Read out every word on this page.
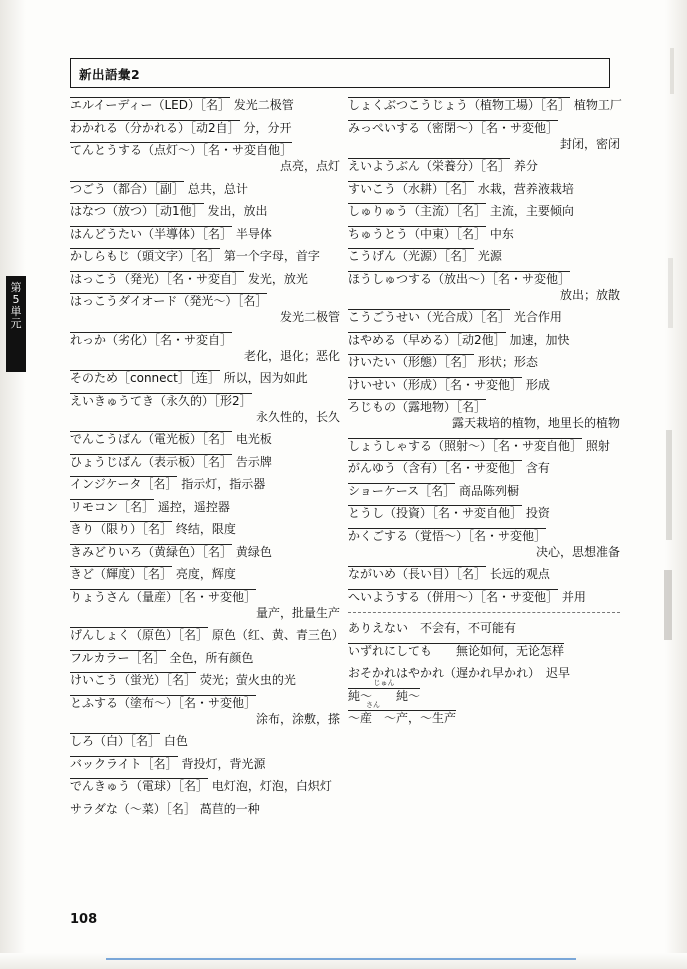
第
5
単
元
新出語彙2
エルイーディー（LED）［名］ 发光二极管
わかれる（分かれる）［动2自］ 分，分开
てんとうする（点灯〜）［名・サ変自他］
点亮，点灯
つごう（都合）［副］ 总共，总计
はなつ（放つ）［动1他］ 发出，放出
はんどうたい（半導体）［名］ 半导体
かしらもじ（頭文字）［名］ 第一个字母，首字
はっこう（発光）［名・サ変自］ 发光，放光
はっこうダイオード（発光〜）［名］
发光二极管
れっか（劣化）［名・サ変自］
老化，退化；恶化
そのため［connect］［连］ 所以，因为如此
えいきゅうてき（永久的）［形2］
永久性的，长久
でんこうばん（電光板）［名］ 电光板
ひょうじばん（表示板）［名］ 告示牌
インジケータ［名］ 指示灯，指示器
リモコン［名］ 遥控，遥控器
きり（限り）［名］ 终结，限度
きみどりいろ（黄緑色）［名］ 黄绿色
きど（輝度）［名］ 亮度，辉度
りょうさん（量産）［名・サ変他］
量产，批量生产
げんしょく（原色）［名］ 原色（红、黄、青三色）
フルカラー［名］ 全色，所有颜色
けいこう（蛍光）［名］ 荧光；萤火虫的光
とふする（塗布〜）［名・サ変他］
涂布，涂敷，搽
しろ（白）［名］ 白色
バックライト［名］ 背投灯，背光源
でんきゅう（電球）［名］ 电灯泡，灯泡，白炽灯
サラダな（〜菜）［名］ 萵苣的一种
しょくぶつこうじょう（植物工場）［名］ 植物工厂
みっぺいする（密閉〜）［名・サ変他］
封闭，密闭
えいようぶん（栄養分）［名］ 养分
すいこう（水耕）［名］ 水栽，营养液栽培
しゅりゅう（主流）［名］ 主流，主要倾向
ちゅうとう（中東）［名］ 中东
こうげん（光源）［名］ 光源
ほうしゅつする（放出〜）［名・サ変他］
放出；放散
こうごうせい（光合成）［名］ 光合作用
はやめる（早める）［动2他］ 加速，加快
けいたい（形態）［名］ 形状；形态
けいせい（形成）［名・サ変他］ 形成
ろじもの（露地物）［名］
露天栽培的植物，地里长的植物
しょうしゃする（照射〜）［名・サ変自他］ 照射
がんゆう（含有）［名・サ変他］ 含有
ショーケース［名］ 商品陈列橱
とうし（投資）［名・サ変自他］ 投资
かくごする（覚悟〜）［名・サ変他］
决心，思想准备
ながいめ（長い目）［名］ 长远的观点
へいようする（併用〜）［名・サ変他］ 并用
ありえない　不会有，不可能有
いずれにしても　　無论如何，无论怎样
おそかれはやかれ（遅かれ早かれ）　迟早
じゅん
純〜　　純〜
さん
〜産　〜产，〜生产
108
